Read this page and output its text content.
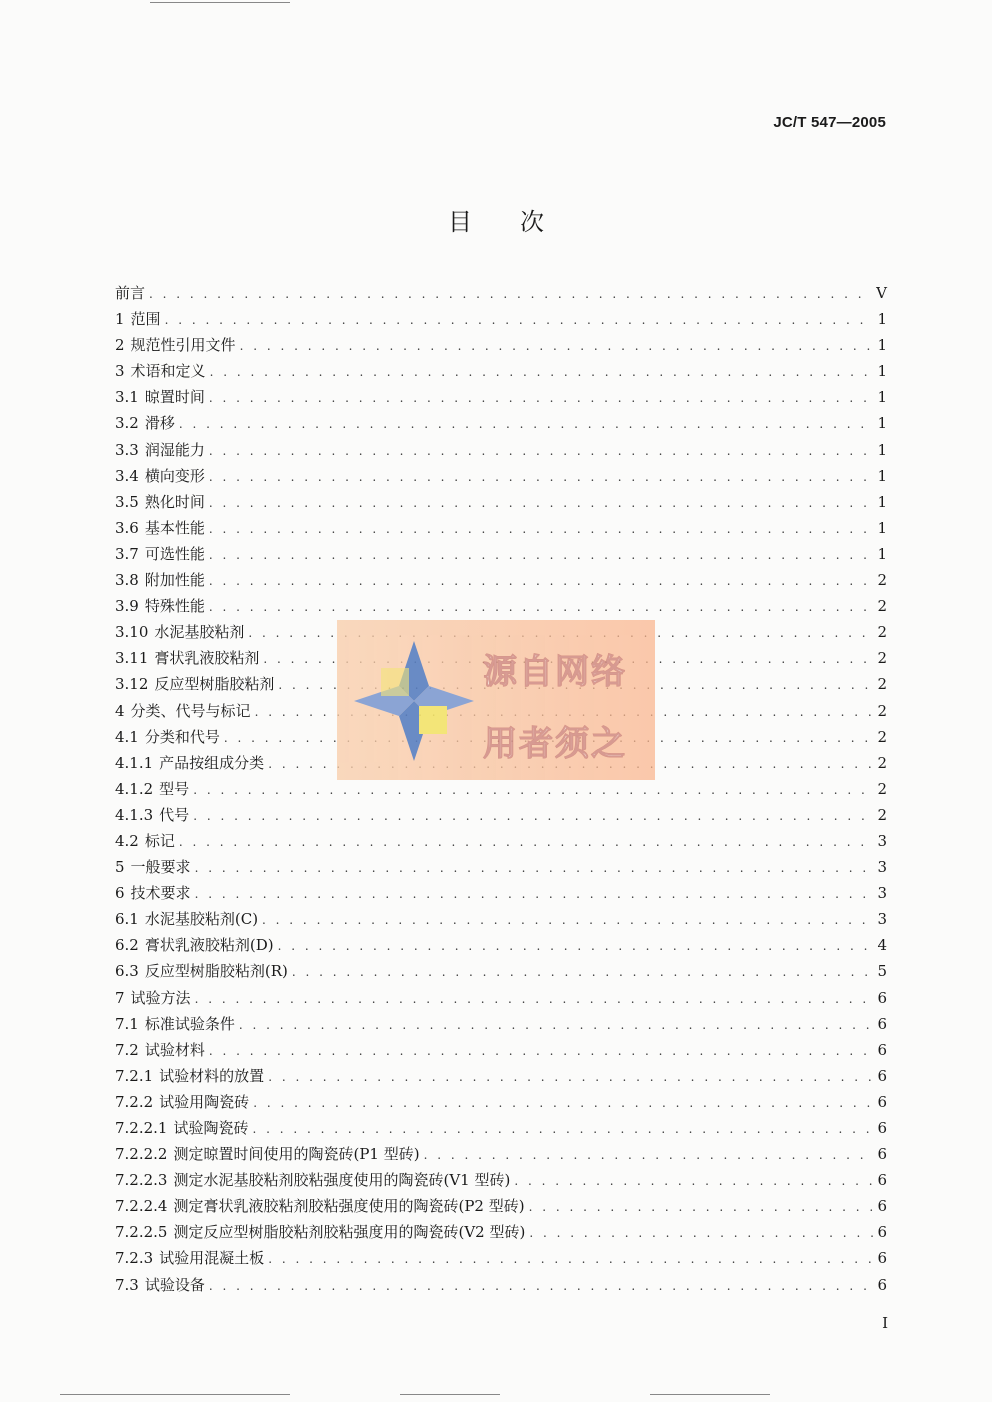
JC/T 547—2005
目次
前言 . . .	V
1 范围 . . .	1
2 规范性引用文件 . . .	1
3 术语和定义 . . .	1
3.1 晾置时间 . . .	1
3.2 滑移 . . .	1
3.3 润湿能力 . . .	1
3.4 横向变形 . . .	1
3.5 熟化时间 . . .	1
3.6 基本性能 . . .	1
3.7 可选性能 . . .	1
3.8 附加性能 . . .	2
3.9 特殊性能 . . .	2
3.10 水泥基胶粘剂 . . .	2
3.11 膏状乳液胶粘剂 . . .	2
3.12 反应型树脂胶粘剂 . . .	2
4 分类、代号与标记 . . .	2
4.1 分类和代号 . . .	2
4.1.1 产品按组成分类 . . .	2
4.1.2 型号 . . .	2
4.1.3 代号 . . .	2
4.2 标记 . . .	3
5 一般要求 . . .	3
6 技术要求 . . .	3
6.1 水泥基胶粘剂(C) . . .	3
6.2 膏状乳液胶粘剂(D) . . .	4
6.3 反应型树脂胶粘剂(R) . . .	5
7 试验方法 . . .	6
7.1 标准试验条件 . . .	6
7.2 试验材料 . . .	6
7.2.1 试验材料的放置 . . .	6
7.2.2 试验用陶瓷砖 . . .	6
7.2.2.1 试验陶瓷砖 . . .	6
7.2.2.2 测定晾置时间使用的陶瓷砖(P1 型砖) . . .	6
7.2.2.3 测定水泥基胶粘剂胶粘强度使用的陶瓷砖(V1 型砖) . . .	6
7.2.2.4 测定膏状乳液胶粘剂胶粘强度使用的陶瓷砖(P2 型砖) . . .	6
7.2.2.5 测定反应型树脂胶粘剂胶粘强度用的陶瓷砖(V2 型砖) . . .	6
7.2.3 试验用混凝土板 . . .	6
7.3 试验设备 . . .	6
源自网络
用者须之
I
